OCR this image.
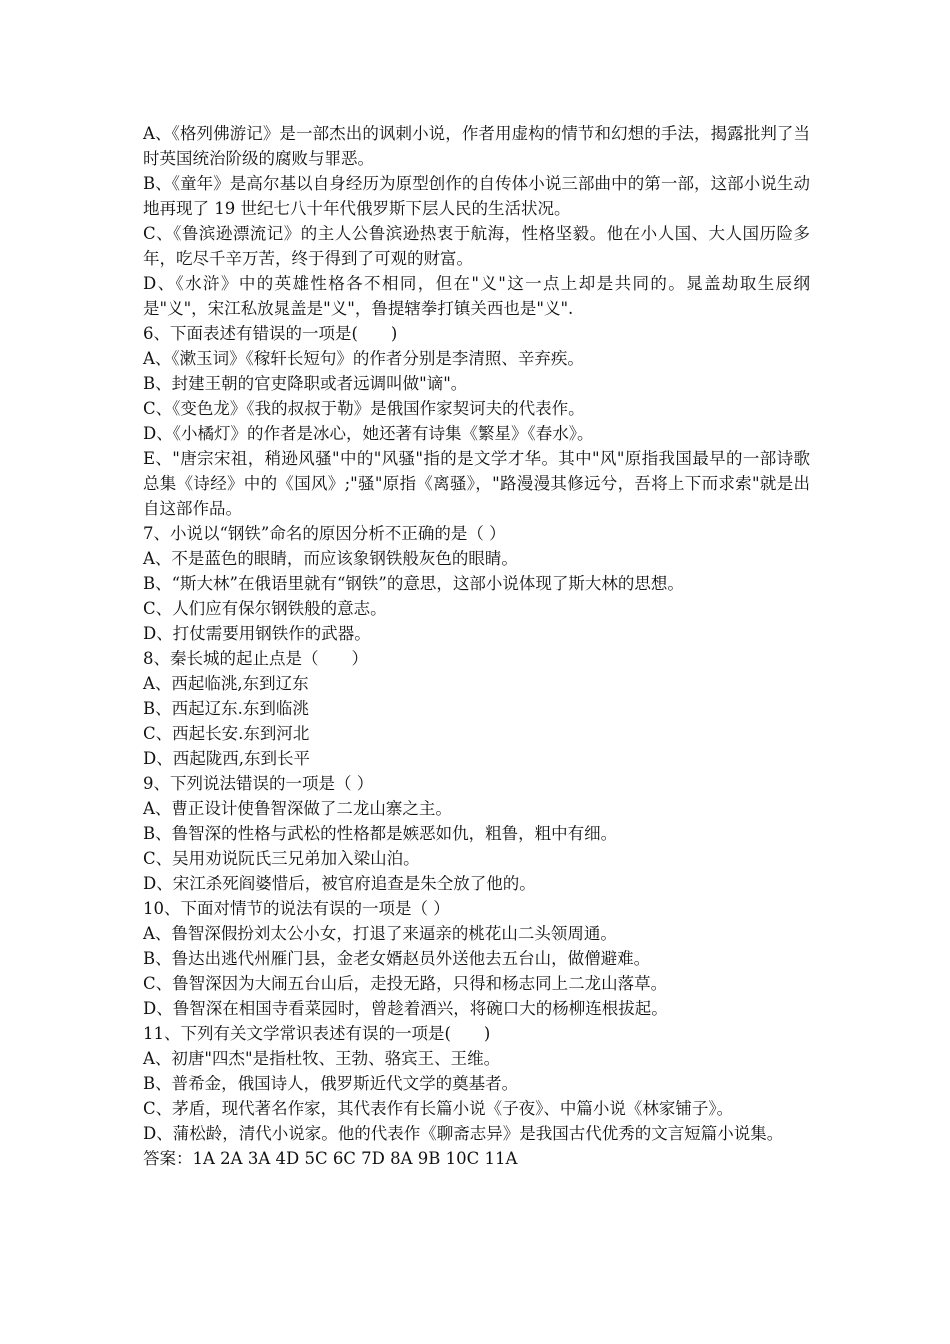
A、《格列佛游记》是一部杰出的讽刺小说，作者用虚构的情节和幻想的手法，揭露批判了当时英国统治阶级的腐败与罪恶。

B、《童年》是高尔基以自身经历为原型创作的自传体小说三部曲中的第一部，这部小说生动地再现了 19 世纪七八十年代俄罗斯下层人民的生活状况。

C、《鲁滨逊漂流记》的主人公鲁滨逊热衷于航海，性格坚毅。他在小人国、大人国历险多年，吃尽千辛万苦，终于得到了可观的财富。

D、《水浒》中的英雄性格各不相同，但在"义"这一点上却是共同的。晁盖劫取生辰纲是"义"，宋江私放晁盖是"义"，鲁提辖拳打镇关西也是"义".

6、下面表述有错误的一项是(　　)

A、《漱玉词》《稼轩长短句》的作者分别是李清照、辛弃疾。

B、封建王朝的官吏降职或者远调叫做"谪"。

C、《变色龙》《我的叔叔于勒》是俄国作家契诃夫的代表作。

D、《小橘灯》的作者是冰心，她还著有诗集《繁星》《春水》。

E、"唐宗宋祖，稍逊风骚"中的"风骚"指的是文学才华。其中"风"原指我国最早的一部诗歌总集《诗经》中的《国风》;"骚"原指《离骚》，"路漫漫其修远兮，吾将上下而求索"就是出自这部作品。

7、小说以“钢铁”命名的原因分析不正确的是（ ）

A、不是蓝色的眼睛，而应该象钢铁般灰色的眼睛。

B、“斯大林”在俄语里就有“钢铁”的意思，这部小说体现了斯大林的思想。

C、人们应有保尔钢铁般的意志。

D、打仗需要用钢铁作的武器。

8、秦长城的起止点是（　　）

A、西起临洮,东到辽东

B、西起辽东.东到临洮

C、西起长安.东到河北

D、西起陇西,东到长平

9、下列说法错误的一项是（ ）

A、曹正设计使鲁智深做了二龙山寨之主。

B、鲁智深的性格与武松的性格都是嫉恶如仇，粗鲁，粗中有细。

C、吴用劝说阮氏三兄弟加入梁山泊。

D、宋江杀死阎婆惜后，被官府追查是朱仝放了他的。

10、下面对情节的说法有误的一项是（ ）

A、鲁智深假扮刘太公小女，打退了来逼亲的桃花山二头领周通。

B、鲁达出逃代州雁门县，金老女婿赵员外送他去五台山，做僧避难。

C、鲁智深因为大闹五台山后，走投无路，只得和杨志同上二龙山落草。

D、鲁智深在相国寺看菜园时，曾趁着酒兴，将碗口大的杨柳连根拔起。

11、下列有关文学常识表述有误的一项是(　　)

A、初唐"四杰"是指杜牧、王勃、骆宾王、王维。

B、普希金，俄国诗人，俄罗斯近代文学的奠基者。

C、茅盾，现代著名作家，其代表作有长篇小说《子夜》、中篇小说《林家铺子》。

D、蒲松龄，清代小说家。他的代表作《聊斋志异》是我国古代优秀的文言短篇小说集。

答案：1A 2A 3A 4D 5C 6C 7D 8A 9B 10C 11A
